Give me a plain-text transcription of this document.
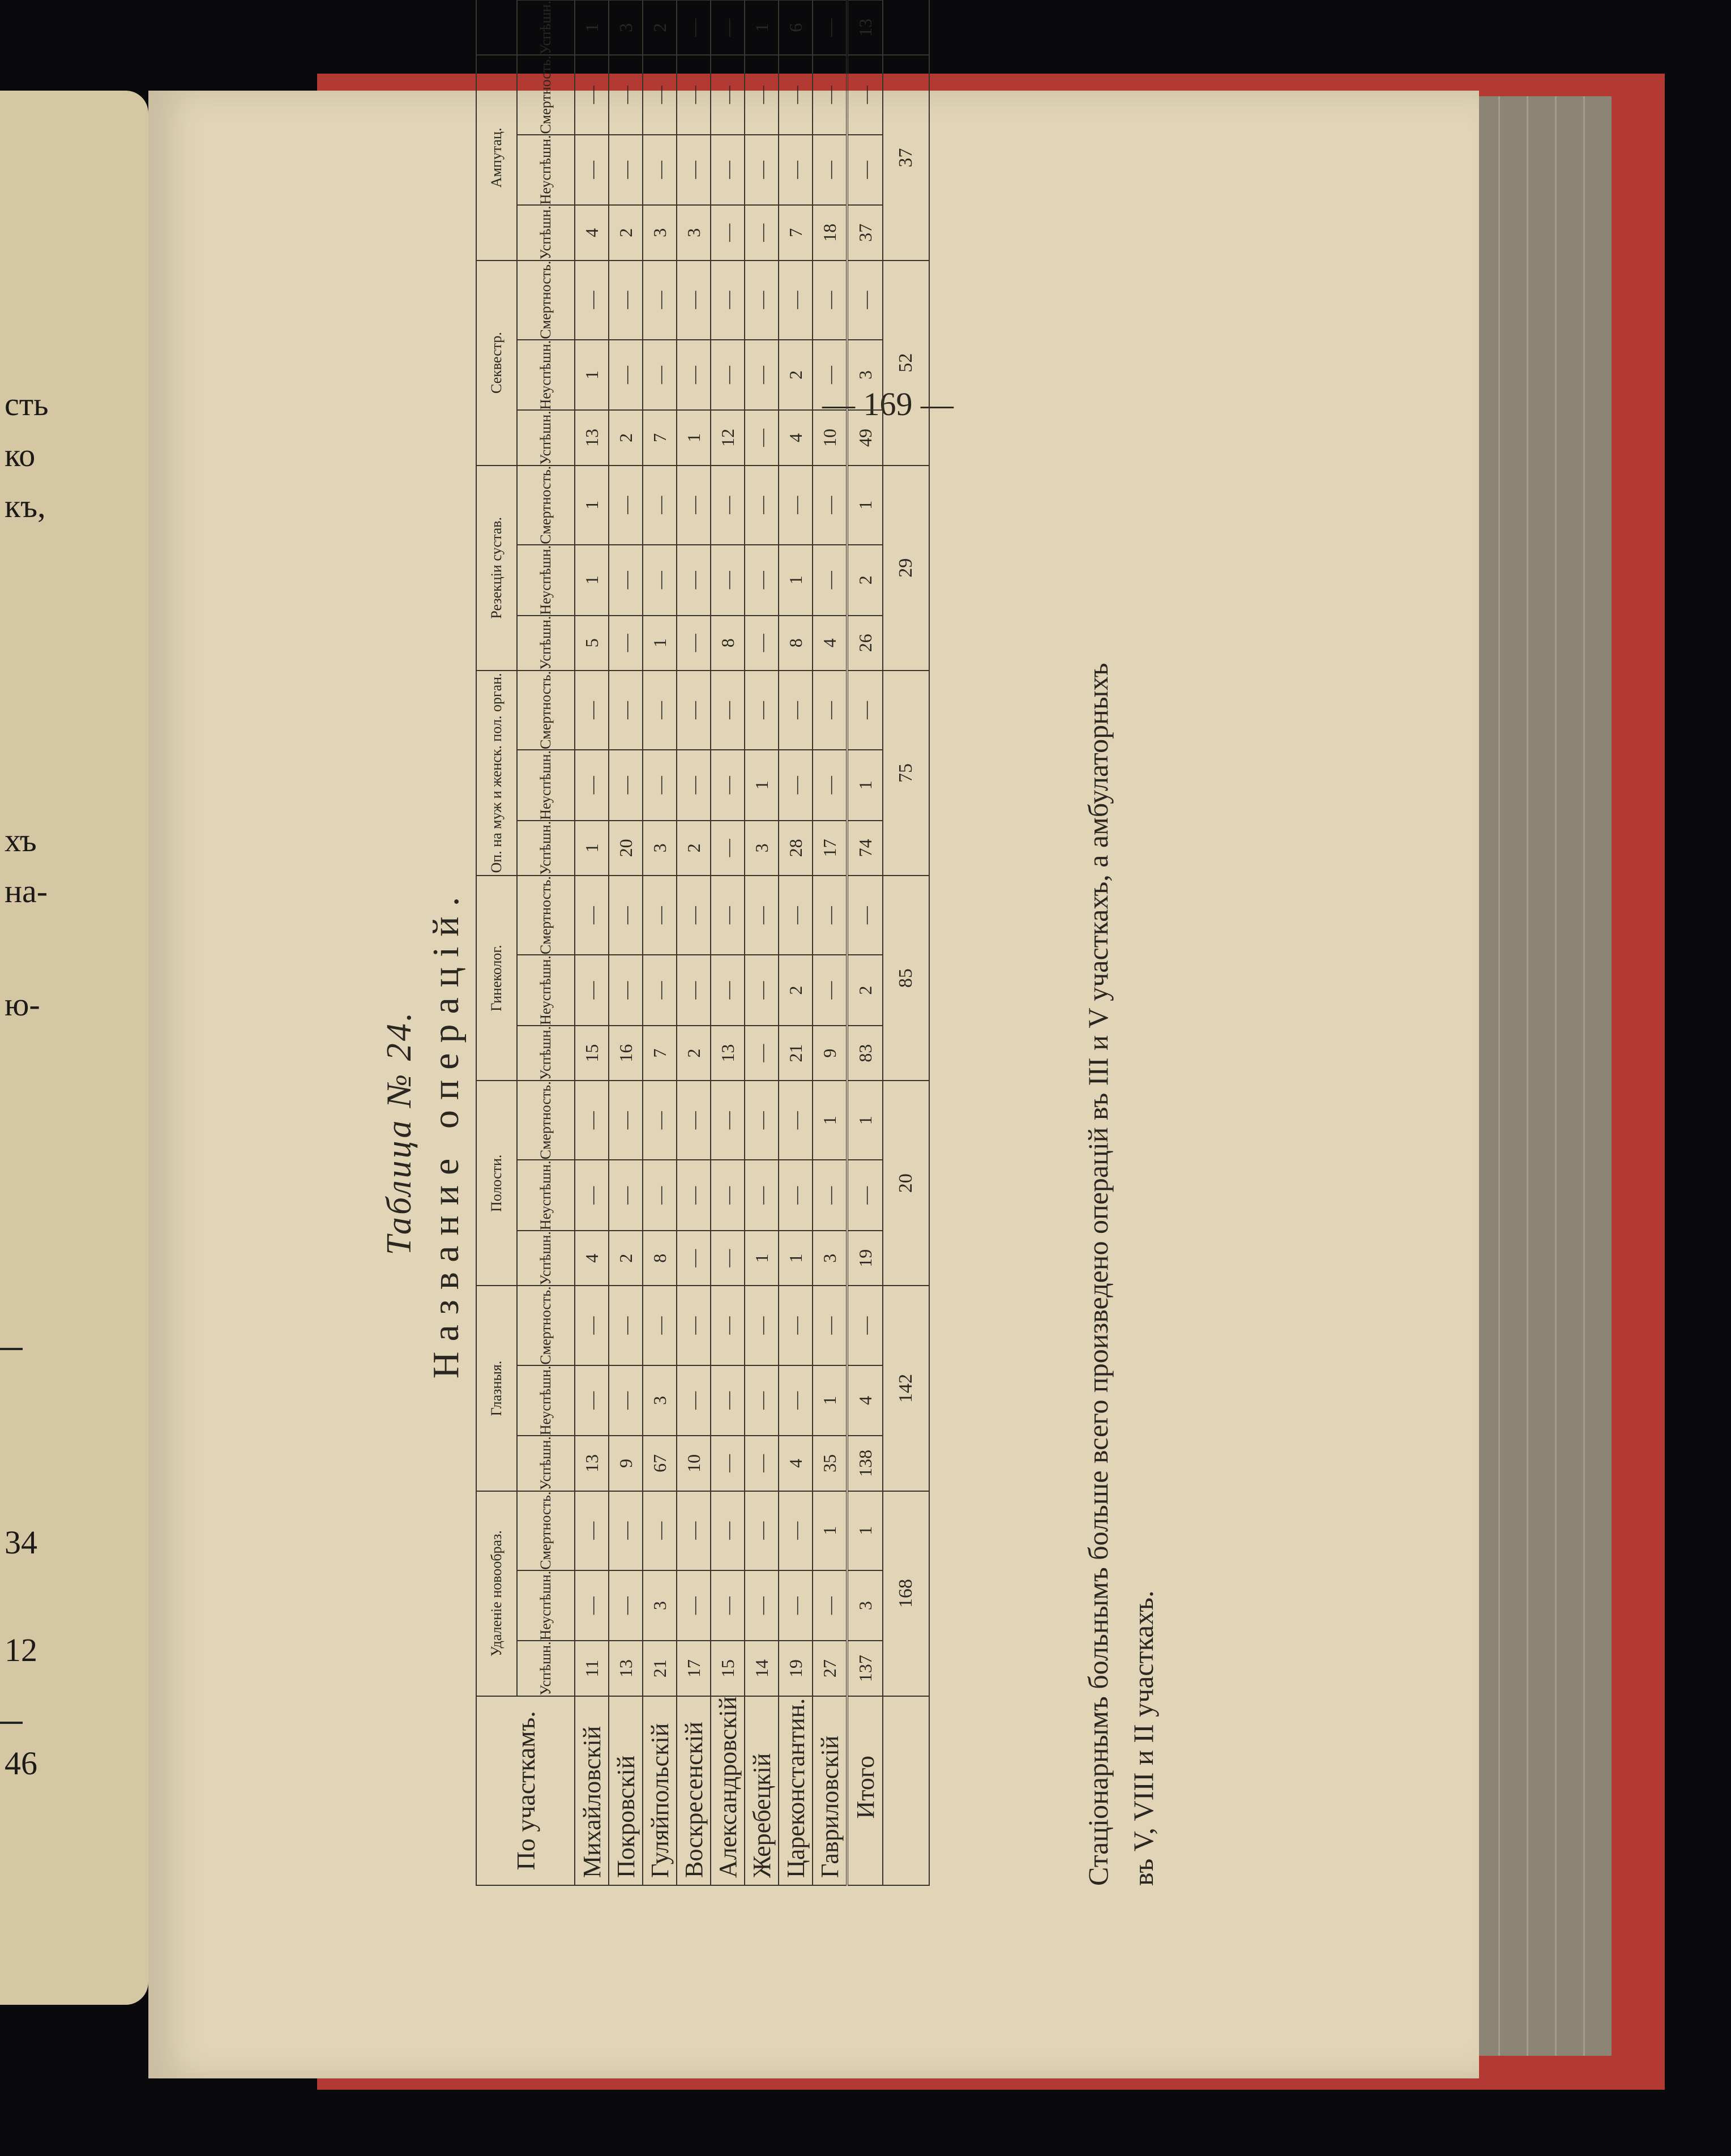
сть
ко
къ,
хъ
на-
ю-
34
12
46
— 169 —
Таблица № 24. Название операцій.
По участкамъ.	Удаленіе новообраз.			Глазныя.			Полости.			Гинеколог.			Оп. на муж и женск. пол. орган.			Резекціи сустав.			Секвестр.			Ампутац.			
	Успѣшн.	Неуспѣшн.	Смертность.	Успѣшн.	Неуспѣшн.	Смертность.	Успѣшн.	Неуспѣшн.	Смертность.	Успѣшн.	Неуспѣшн.	Смертность.	Успѣшн.	Неуспѣшн.	Смертность.	Успѣшн.	Неуспѣшн.	Смертность.	Успѣшн.	Неуспѣшн.	Смертность.	Успѣшн.	Неуспѣшн.	Смертность.	Успѣшн.								
Михайловскій	11	—	—	13	—	—	4	—	—	15	—	—	1	—	—	5	1	1	13	1	—	4	—	—	1								
Покровскій	13	—	—	9	—	—	2	—	—	16	—	—	20	—	—	—	—	—	2	—	—	2	—	—	3								
Гуляйпольскій	21	3	—	67	3	—	8	—	—	7	—	—	3	—	—	1	—	—	7	—	—	3	—	—	2								
Воскресенскій	17	—	—	10	—	—	—	—	—	2	—	—	2	—	—	—	—	—	1	—	—	3	—	—	—								
Александровскій	15	—	—	—	—	—	—	—	—	13	—	—	—	—	—	8	—	—	12	—	—	—	—	—	—								
Жеребецкій	14	—	—	—	—	—	1	—	—	—	—	—	3	1	—	—	—	—	—	—	—	—	—	—	1								
Цареконстантин.	19	—	—	4	—	—	1	—	—	21	2	—	28	—	—	8	1	—	4	2	—	7	—	—	6								
Гавриловскій	27	—	1	35	1	—	3	—	1	9	—	—	17	—	—	4	—	—	10	—	—	18	—	—	—								
Итого	137	3	1	138	4	—	19	—	1	83	2	—	74	1	—	26	2	1	49	3	—	37	—	—	13								
	168			142			20			85			75			29			52			37			
Стаціонарнымъ больнымъ больше всего произведено операцій въ III и V участкахъ, а амбулаторныхъ въ V, VIII и II участкахъ.
